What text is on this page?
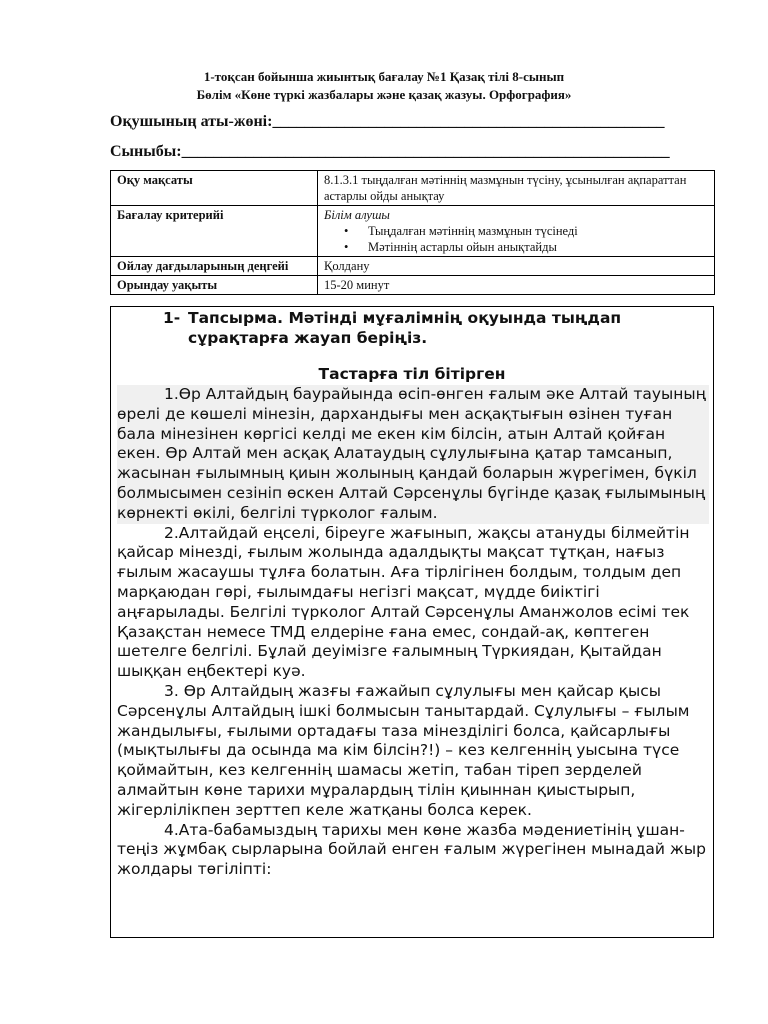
1-тоқсан бойынша жиынтық бағалау №1 Қазақ тілі 8-сынып
Бөлім «Көне түркі жазбалары және қазақ жазуы. Орфография»
Оқушының аты-жөні:_________________________________________________
Сыныбы:_____________________________________________________________
Оқу мақсаты	8.1.3.1 тыңдалған мәтіннің мазмұнын түсіну, ұсынылған ақпараттан астарлы ойды анықтау
Бағалау критерийі	Білім алушы
• Тыңдалған мәтіннің мазмұнын түсінеді
• Мәтіннің астарлы ойын анықтайды

Ойлау дағдыларының деңгейі	Қолдану
Орындау уақыты	15-20 минут
1- Тапсырма. Мәтінді мұғалімнің оқуында тыңдап сұрақтарға жауап беріңіз.
Тастарға тіл бітірген

1.Өр Алтайдың баурайында өсіп-өнген ғалым әке Алтай тауының өрелі де көшелі мінезін, дархандығы мен асқақтығын өзінен туған бала мінезінен көргісі келді ме екен кім білсін, атын Алтай қойған екен. Өр Алтай мен асқақ Алатаудың сұлулығына қатар тамсанып, жасынан ғылымның қиын жолының қандай боларын жүрегімен, бүкіл болмысымен сезініп өскен Алтай Сәрсенұлы бүгінде қазақ ғылымының көрнекті өкілі, белгілі түрколог ғалым.

2.Алтайдай еңселі, біреуге жағынып, жақсы атануды білмейтін қайсар мінезді, ғылым жолында адалдықты мақсат тұтқан, нағыз ғылым жасаушы тұлға болатын. Аға тірлігінен болдым, толдым деп марқаюдан гөрі, ғылымдағы негізгі мақсат, мүдде биіктігі аңғарылады. Белгілі түрколог Алтай Сәрсенұлы Аманжолов есімі тек Қазақстан немесе ТМД елдеріне ғана емес, сондай-ақ, көптеген шетелге белгілі. Бұлай деуімізге ғалымның Түркиядан, Қытайдан шыққан еңбектері куә.

3. Өр Алтайдың жазғы ғажайып сұлулығы мен қайсар қысы Сәрсенұлы Алтайдың ішкі болмысын танытардай. Сұлулығы – ғылым жандылығы, ғылыми ортадағы таза мінезділігі болса, қайсарлығы (мықтылығы да осында ма кім білсін?!) – кез келгеннің уысына түсе қоймайтын, кез келгеннің шамасы жетіп, табан тіреп зерделей алмайтын көне тарихи мұралардың тілін қиыннан қиыстырып, жігерлілікпен зерттеп келе жатқаны болса керек.

4.Ата-бабамыздың тарихы мен көне жазба мәдениетінің ұшан-теңіз жұмбақ сырларына бойлай енген ғалым жүрегінен мынадай жыр жолдары төгіліпті:
